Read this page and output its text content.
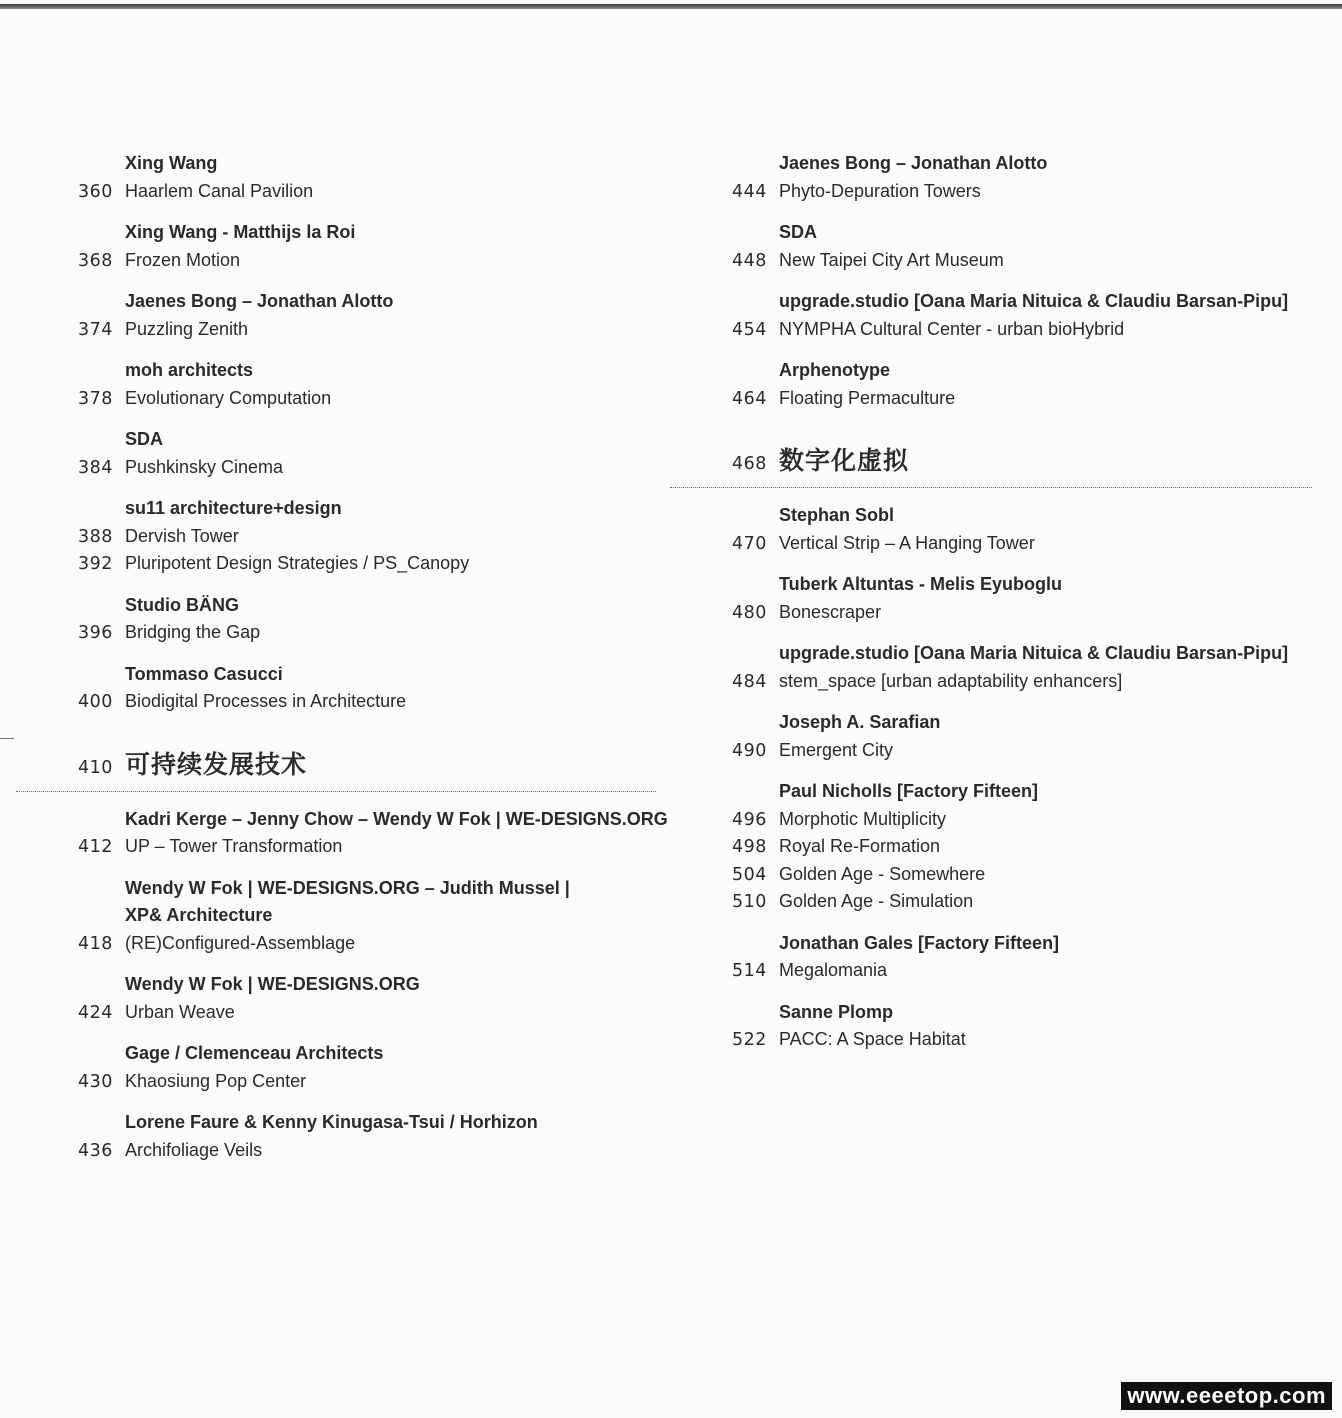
Xing Wang
360 Haarlem Canal Pavilion
Xing Wang - Matthijs la Roi
368 Frozen Motion
Jaenes Bong – Jonathan Alotto
374 Puzzling Zenith
moh architects
378 Evolutionary Computation
SDA
384 Pushkinsky Cinema
su11 architecture+design
388 Dervish Tower
392 Pluripotent Design Strategies / PS_Canopy
Studio BÄNG
396 Bridging the Gap
Tommaso Casucci
400 Biodigital Processes in Architecture
410 可持续发展技术
Kadri Kerge – Jenny Chow – Wendy W Fok | WE-DESIGNS.ORG
412 UP – Tower Transformation
Wendy W Fok | WE-DESIGNS.ORG – Judith Mussel |
XP& Architecture
418 (RE)Configured-Assemblage
Wendy W Fok | WE-DESIGNS.ORG
424 Urban Weave
Gage / Clemenceau Architects
430 Khaosiung Pop Center
Lorene Faure & Kenny Kinugasa-Tsui / Horhizon
436 Archifoliage Veils
Jaenes Bong – Jonathan Alotto
444 Phyto-Depuration Towers
SDA
448 New Taipei City Art Museum
upgrade.studio [Oana Maria Nituica & Claudiu Barsan-Pipu]
454 NYMPHA Cultural Center - urban bioHybrid
Arphenotype
464 Floating Permaculture
468 数字化虚拟
Stephan Sobl
470 Vertical Strip – A Hanging Tower
Tuberk Altuntas - Melis Eyuboglu
480 Bonescraper
upgrade.studio [Oana Maria Nituica & Claudiu Barsan-Pipu]
484 stem_space [urban adaptability enhancers]
Joseph A. Sarafian
490 Emergent City
Paul Nicholls [Factory Fifteen]
496 Morphotic Multiplicity
498 Royal Re-Formation
504 Golden Age - Somewhere
510 Golden Age - Simulation
Jonathan Gales [Factory Fifteen]
514 Megalomania
Sanne Plomp
522 PACC: A Space Habitat
www.eeeetop.com
